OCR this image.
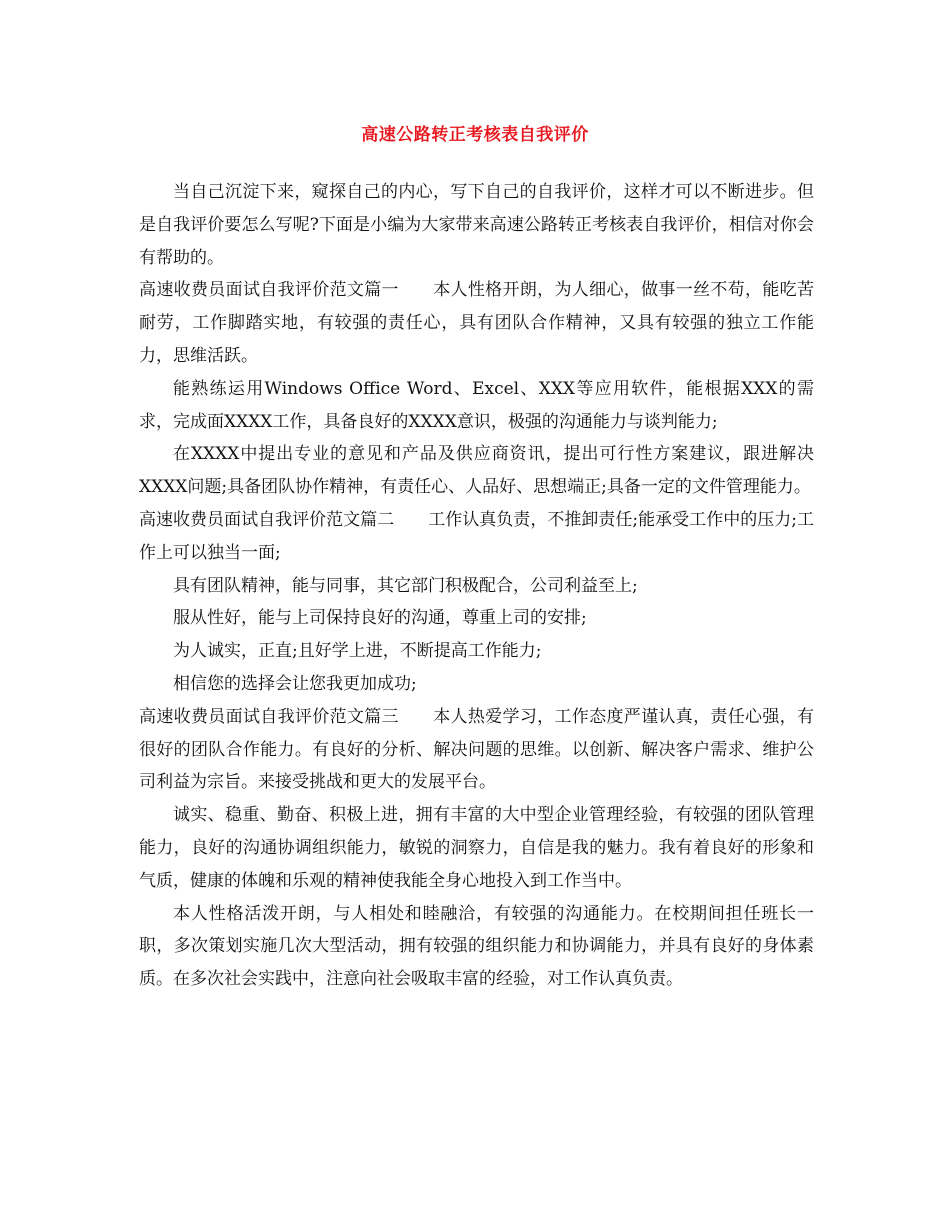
高速公路转正考核表自我评价

当自己沉淀下来，窥探自己的内心，写下自己的自我评价，这样才可以不断进步。但是自我评价要怎么写呢?下面是小编为大家带来高速公路转正考核表自我评价，相信对你会有帮助的。

高速收费员面试自我评价范文篇一 本人性格开朗，为人细心，做事一丝不苟，能吃苦耐劳，工作脚踏实地，有较强的责任心，具有团队合作精神，又具有较强的独立工作能力，思维活跃。

能熟练运用Windows Office Word、Excel、XXX等应用软件，能根据XXX的需求，完成面XXXX工作，具备良好的XXXX意识，极强的沟通能力与谈判能力;

在XXXX中提出专业的意见和产品及供应商资讯，提出可行性方案建议，跟进解决XXXX问题;具备团队协作精神，有责任心、人品好、思想端正;具备一定的文件管理能力。

高速收费员面试自我评价范文篇二 工作认真负责，不推卸责任;能承受工作中的压力;工作上可以独当一面;

具有团队精神，能与同事，其它部门积极配合，公司利益至上;

服从性好，能与上司保持良好的沟通，尊重上司的安排;

为人诚实，正直;且好学上进，不断提高工作能力;

相信您的选择会让您我更加成功;

高速收费员面试自我评价范文篇三 本人热爱学习，工作态度严谨认真，责任心强，有很好的团队合作能力。有良好的分析、解决问题的思维。以创新、解决客户需求、维护公司利益为宗旨。来接受挑战和更大的发展平台。

诚实、稳重、勤奋、积极上进，拥有丰富的大中型企业管理经验，有较强的团队管理能力，良好的沟通协调组织能力，敏锐的洞察力，自信是我的魅力。我有着良好的形象和气质，健康的体魄和乐观的精神使我能全身心地投入到工作当中。

本人性格活泼开朗，与人相处和睦融洽，有较强的沟通能力。在校期间担任班长一职，多次策划实施几次大型活动，拥有较强的组织能力和协调能力，并具有良好的身体素质。在多次社会实践中，注意向社会吸取丰富的经验，对工作认真负责。
